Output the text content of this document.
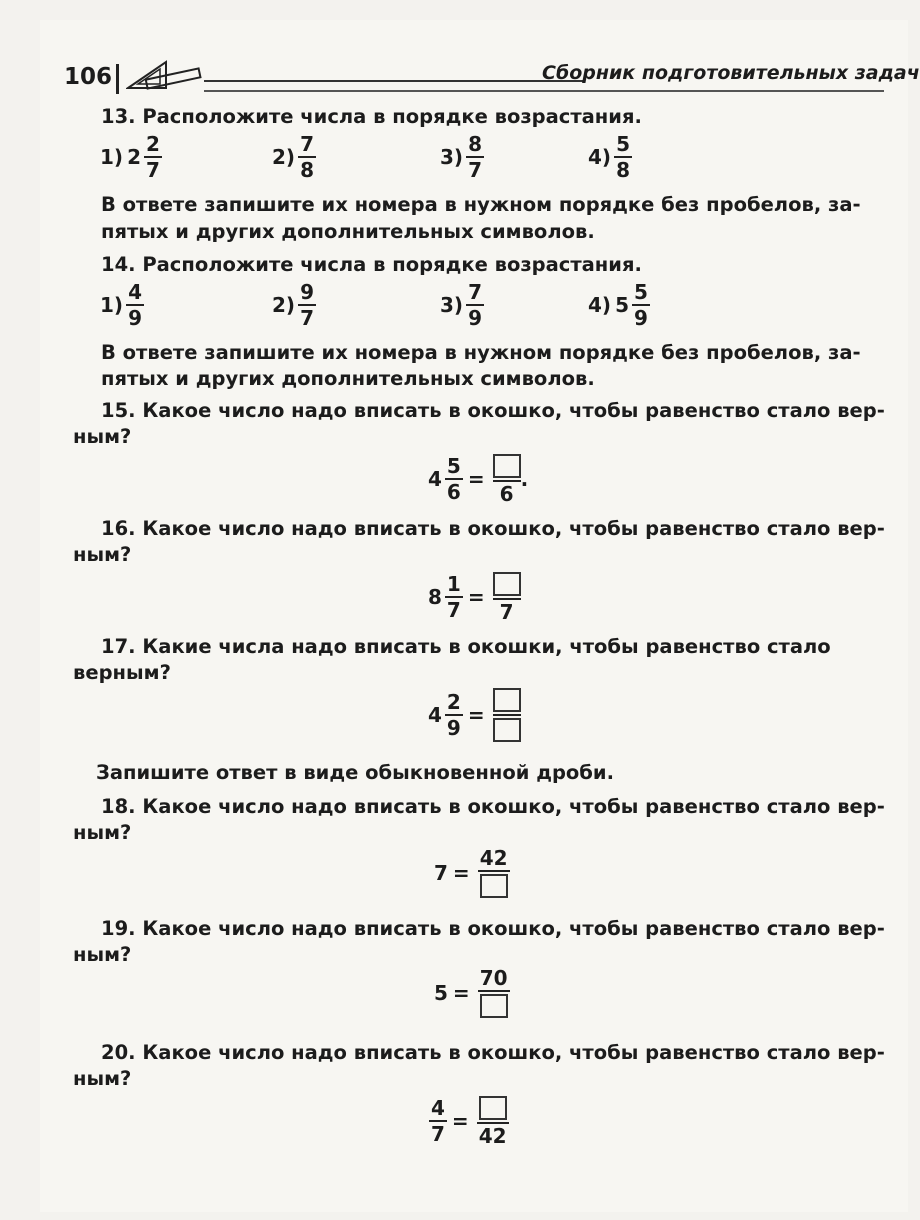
106	Сборник подготовительных задач
13. Расположите числа в порядке возрастания.
1) $2 \frac{2}{7}$	$2) \frac{7}{8}$	$3) \frac{8}{7}$	$4) \frac{5}{8}$
В ответе запишите их номера в нужном порядке без пробелов, за-
пятых и других дополнительных символов.
14. Расположите числа в порядке возрастания.
$1) \frac{4}{9}$	$2) \frac{9}{7}$	$3) \frac{7}{9}$	4) $5 \frac{5}{9}$
В ответе запишите их номера в нужном порядке без пробелов, за-
пятых и других дополнительных символов.
15. Какое число надо вписать в окошко, чтобы равенство стало вер-
ным?
$4 \frac{5}{6}$ =
6
.
16. Какое число надо вписать в окошко, чтобы равенство стало вер-
ным?
$8 \frac{1}{7}$ =
7
17. Какие числа надо вписать в окошки, чтобы равенство стало
верным?
$4 \frac{2}{9}$ =
Запишите ответ в виде обыкновенной дроби.
18. Какое число надо вписать в окошко, чтобы равенство стало вер-
ным?
7 =
42
19. Какое число надо вписать в окошко, чтобы равенство стало вер-
ным?
5 =
70
20. Какое число надо вписать в окошко, чтобы равенство стало вер-
ным?
$\frac{4}{7}$ =
42
